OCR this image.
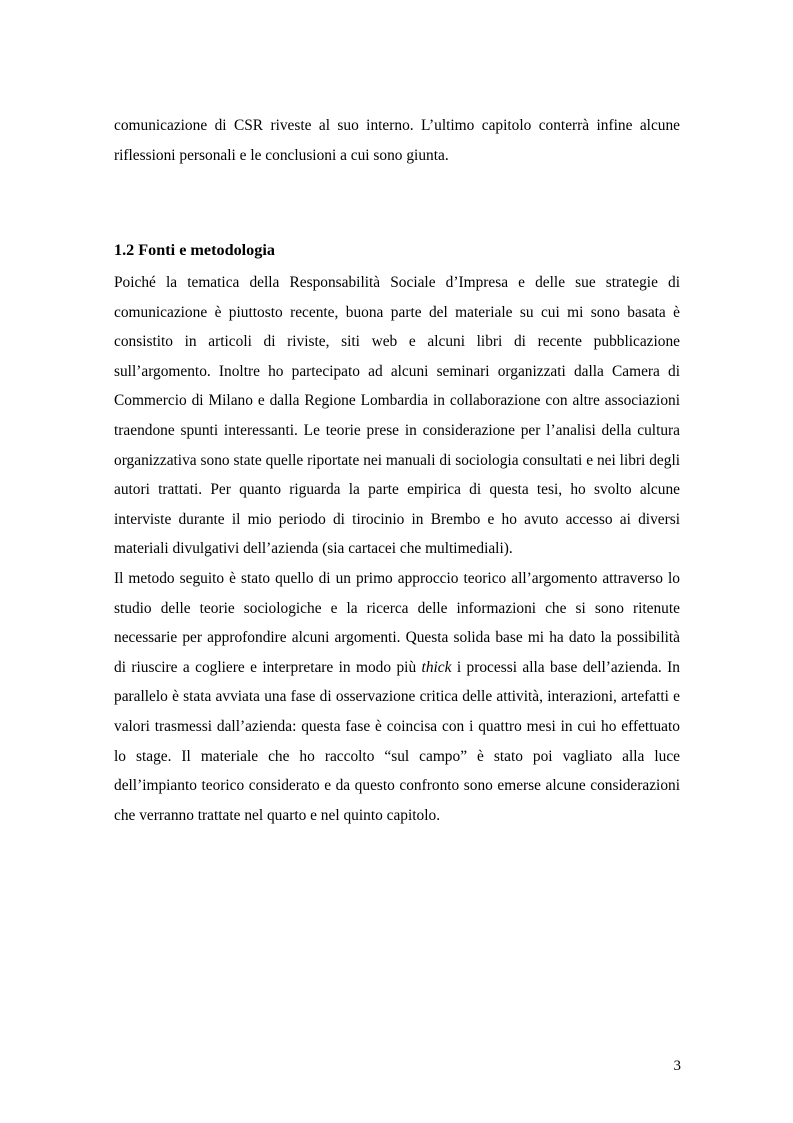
comunicazione di CSR riveste al suo interno. L’ultimo capitolo conterrà infine alcune riflessioni personali e le conclusioni a cui sono giunta.

1.2 Fonti e metodologia

Poiché la tematica della Responsabilità Sociale d’Impresa e delle sue strategie di comunicazione è piuttosto recente, buona parte del materiale su cui mi sono basata è consistito in articoli di riviste, siti web e alcuni libri di recente pubblicazione sull’argomento. Inoltre ho partecipato ad alcuni seminari organizzati dalla Camera di Commercio di Milano e dalla Regione Lombardia in collaborazione con altre associazioni traendone spunti interessanti. Le teorie prese in considerazione per l’analisi della cultura organizzativa sono state quelle riportate nei manuali di sociologia consultati e nei libri degli autori trattati. Per quanto riguarda la parte empirica di questa tesi, ho svolto alcune interviste durante il mio periodo di tirocinio in Brembo e ho avuto accesso ai diversi materiali divulgativi dell’azienda (sia cartacei che multimediali).

Il metodo seguito è stato quello di un primo approccio teorico all’argomento attraverso lo studio delle teorie sociologiche e la ricerca delle informazioni che si sono ritenute necessarie per approfondire alcuni argomenti. Questa solida base mi ha dato la possibilità di riuscire a cogliere e interpretare in modo più thick i processi alla base dell’azienda. In parallelo è stata avviata una fase di osservazione critica delle attività, interazioni, artefatti e valori trasmessi dall’azienda: questa fase è coincisa con i quattro mesi in cui ho effettuato lo stage. Il materiale che ho raccolto “sul campo” è stato poi vagliato alla luce dell’impianto teorico considerato e da questo confronto sono emerse alcune considerazioni che verranno trattate nel quarto e nel quinto capitolo.

3
